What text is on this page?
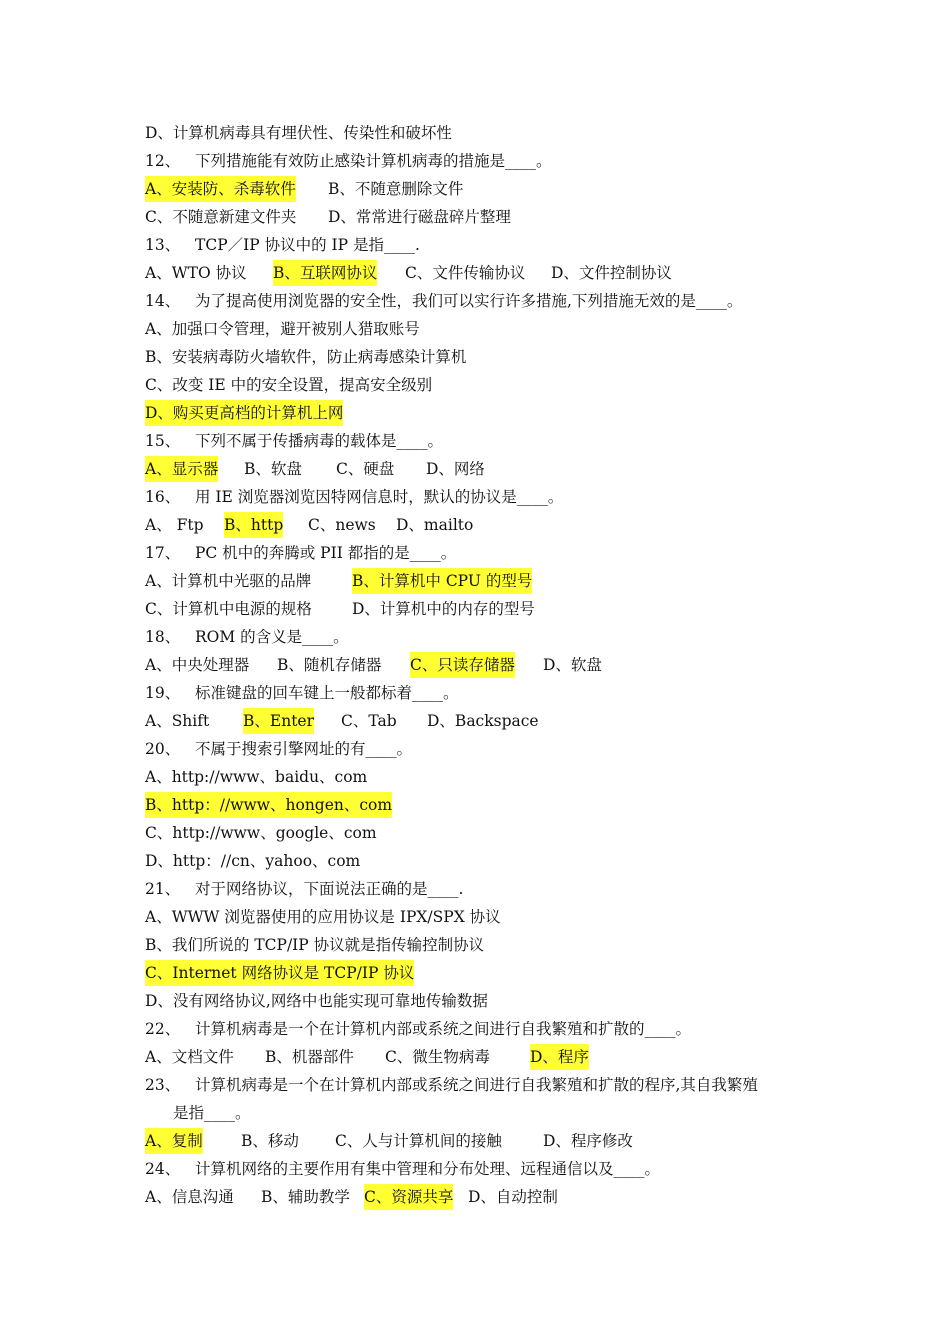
D、计算机病毒具有埋伏性、传染性和破坏性
12、   下列措施能有效防止感染计算机病毒的措施是____。
A、安装防、杀毒软件 B、不随意删除文件
C、不随意新建文件夹 D、常常进行磁盘碎片整理
13、   TCP／IP 协议中的 IP 是指____.
A、WTO 协议 B、互联网协议 C、文件传输协议 D、文件控制协议
14、   为了提高使用浏览器的安全性，我们可以实行许多措施,下列措施无效的是____。
A、加强口令管理，避开被别人猎取账号
B、安装病毒防火墙软件，防止病毒感染计算机
C、改变 IE 中的安全设置，提高安全级别
D、购买更高档的计算机上网
15、   下列不属于传播病毒的载体是____。
A、显示器 B、软盘 C、硬盘 D、网络
16、   用 IE 浏览器浏览因特网信息时，默认的协议是____。
A、 Ftp B、http C、news D、mailto
17、   PC 机中的奔腾或 PII 都指的是____。
A、计算机中光驱的品牌	B、计算机中 CPU 的型号
C、计算机中电源的规格	D、计算机中的内存的型号
18、   ROM 的含义是____。
A、中央处理器 B、随机存储器 C、只读存储器 D、软盘
19、   标准键盘的回车键上一般都标着____。
A、Shift B、Enter C、Tab D、Backspace
20、   不属于搜索引擎网址的有____。
A、http://www、baidu、com
B、http：//www、hongen、com
C、http://www、google、com
D、http：//cn、yahoo、com
21、   对于网络协议，下面说法正确的是____.
A、WWW 浏览器使用的应用协议是 IPX/SPX 协议
B、我们所说的 TCP/IP 协议就是指传输控制协议
C、Internet 网络协议是 TCP/IP 协议
D、没有网络协议,网络中也能实现可靠地传输数据
22、   计算机病毒是一个在计算机内部或系统之间进行自我繁殖和扩散的____。
A、文档文件 B、机器部件 C、微生物病毒	D、程序
23、   计算机病毒是一个在计算机内部或系统之间进行自我繁殖和扩散的程序,其自我繁殖
是指____。
A、复制 B、移动 C、人与计算机间的接触	D、程序修改
24、   计算机网络的主要作用有集中管理和分布处理、远程通信以及____。
A、信息沟通 B、辅助教学 C、资源共享 D、自动控制
